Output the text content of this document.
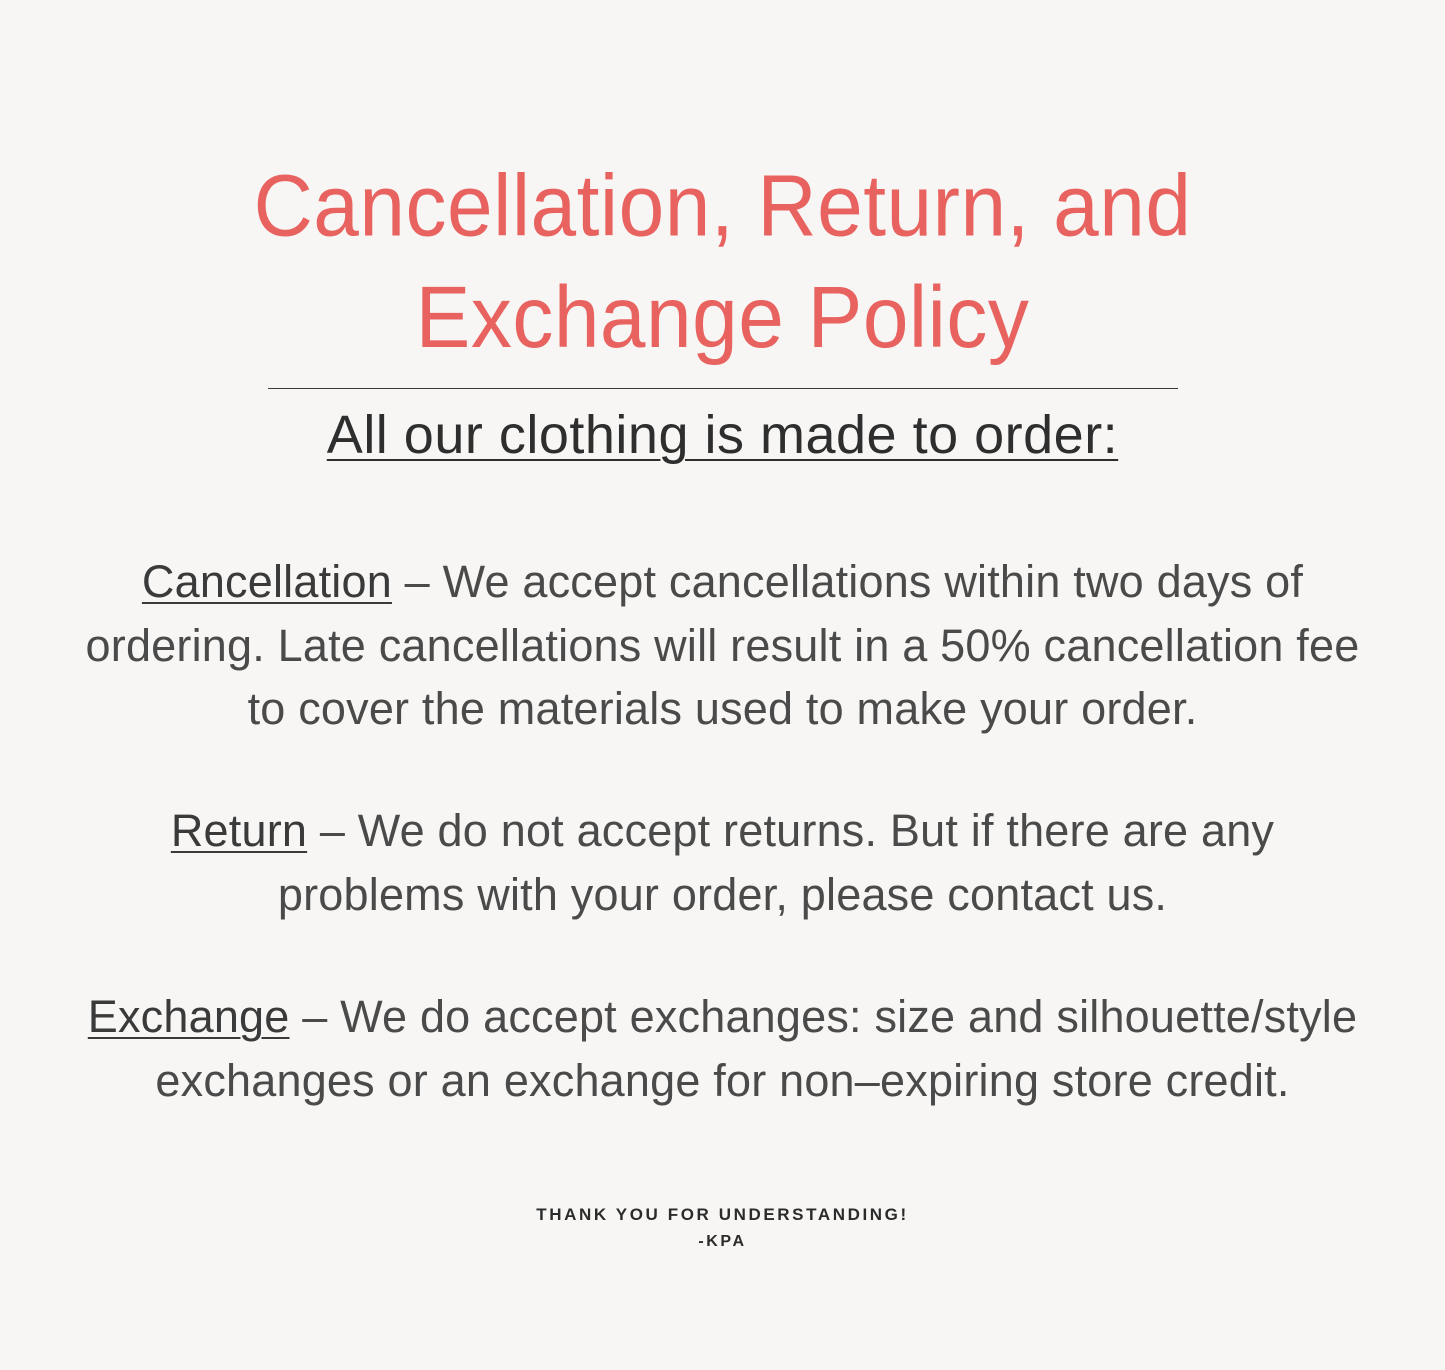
Cancellation, Return, and Exchange Policy
All our clothing is made to order:
Cancellation – We accept cancellations within two days of ordering. Late cancellations will result in a 50% cancellation fee to cover the materials used to make your order.
Return – We do not accept returns. But if there are any problems with your order, please contact us.
Exchange – We do accept exchanges: size and silhouette/style exchanges or an exchange for non–expiring store credit.
THANK YOU FOR UNDERSTANDING!
-KPA
